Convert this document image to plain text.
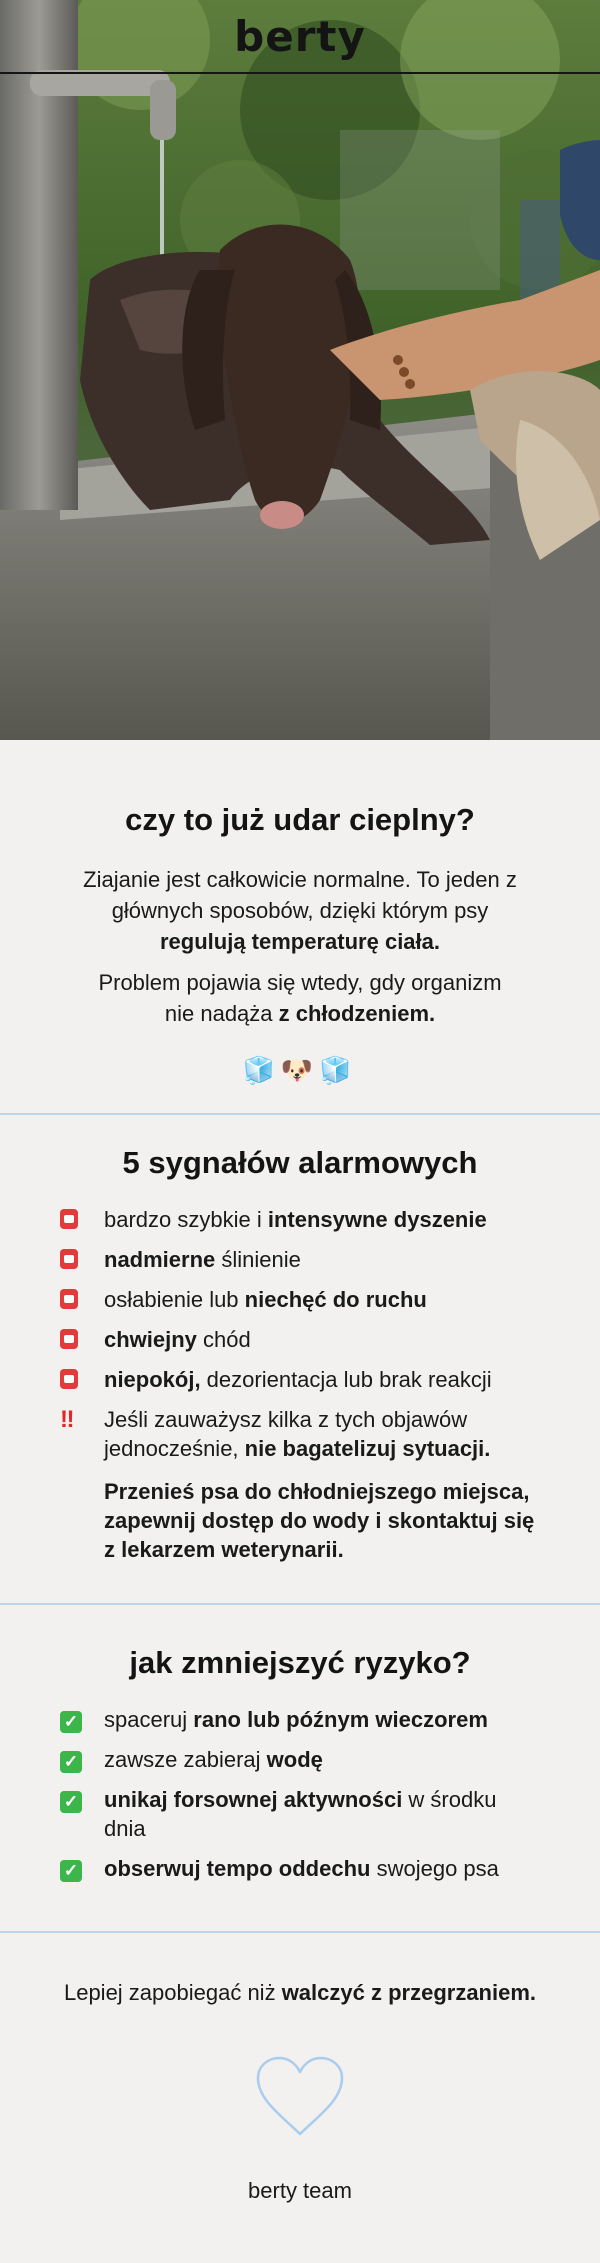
berty
czy to już udar cieplny?

Ziajanie jest całkowicie normalne. To jeden z głównych sposobów, dzięki którym psy regulują temperaturę ciała.

Problem pojawia się wtedy, gdy organizm nie nadąża z chłodzeniem.

🧊🐶🧊
5 sygnałów alarmowych
bardzo szybkie i intensywne dyszenie
nadmierne ślinienie
osłabienie lub niechęć do ruchu
chwiejny chód
niepokój, dezorientacja lub brak reakcji
‼	Jeśli zauważysz kilka z tych objawów jednocześnie, nie bagatelizuj sytuacji.
Przenieś psa do chłodniejszego miejsca, zapewnij dostęp do wody i skontaktuj się z lekarzem weterynarii.
jak zmniejszyć ryzyko?
✓	spaceruj rano lub późnym wieczorem
✓	zawsze zabieraj wodę
✓	unikaj forsownej aktywności w środku dnia
✓	obserwuj tempo oddechu swojego psa

Lepiej zapobiegać niż walczyć z przegrzaniem.

berty team
